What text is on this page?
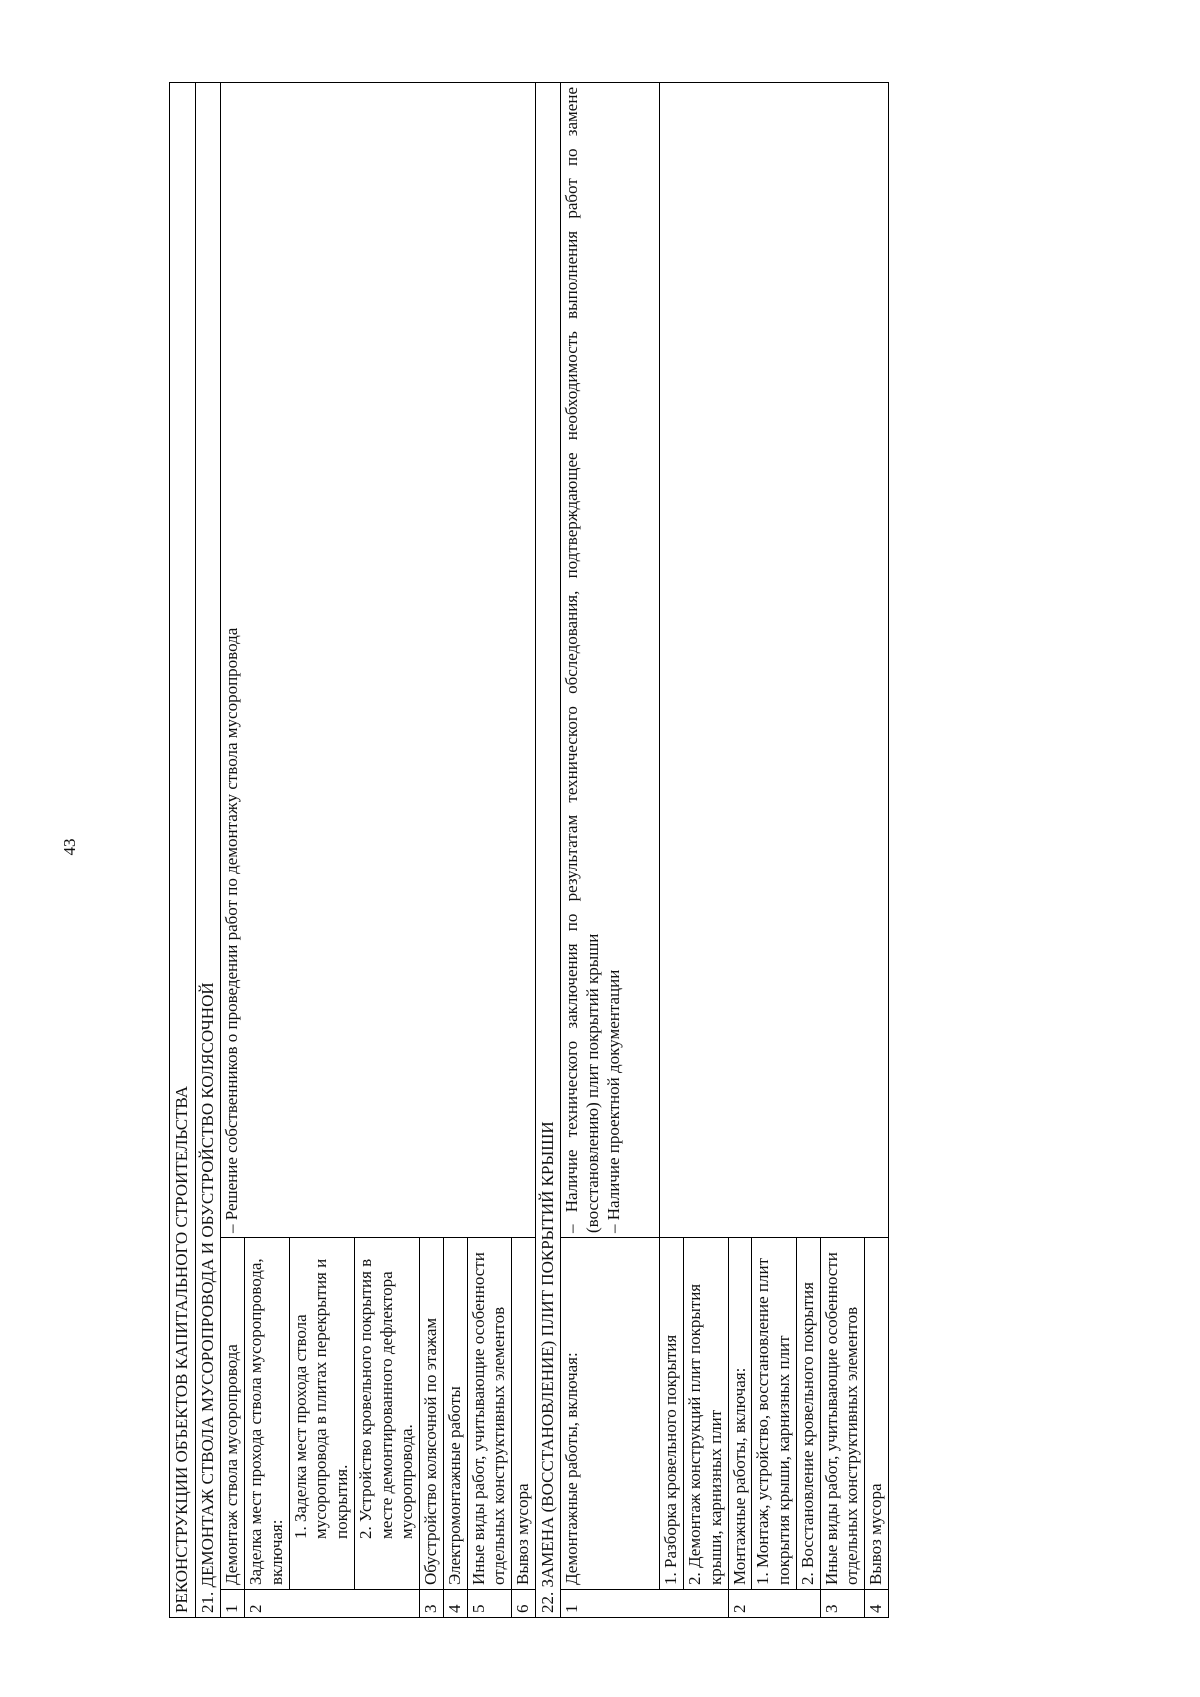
43
РЕКОНСТРУКЦИИ ОБЪЕКТОВ КАПИТАЛЬНОГО СТРОИТЕЛЬСТВА		
21. ДЕМОНТАЖ СТВОЛА МУСОРОПРОВОДА И ОБУСТРОЙСТВО КОЛЯСОЧНОЙ		
1	Демонтаж ствола мусоропровода	– Решение собственников о проведении работ по демонтажу ствола мусоропровода
2	Заделка мест прохода ствола мусоропровода, включая:	
	1. Заделка мест прохода ствола мусоропровода в плитах перекрытия и покрытия.	
	2. Устройство кровельного покрытия в месте демонтированного дефлектора мусоропровода.	
3	Обустройство колясочной по этажам	
4	Электромонтажные работы	
5	Иные виды работ, учитывающие особенности отдельных конструктивных элементов	
6	Вывоз мусора	
22. ЗАМЕНА (ВОССТАНОВЛЕНИЕ) ПЛИТ ПОКРЫТИЙ КРЫШИ		
1	Демонтажные работы, включая:	– Наличие технического заключения по результатам технического обследования, подтверждающее необходимость выполнения работ по замене (восстановлению) плит покрытий крыши – Наличие проектной документации

	1. Разборка кровельного покрытия	
	2. Демонтаж конструкций плит покрытия крыши, карнизных плит	
2	Монтажные работы, включая:	
	1. Монтаж, устройство, восстановление плит покрытия крыши, карнизных плит	
	2. Восстановление кровельного покрытия	
3	Иные виды работ, учитывающие особенности отдельных конструктивных элементов	
4	Вывоз мусора	
